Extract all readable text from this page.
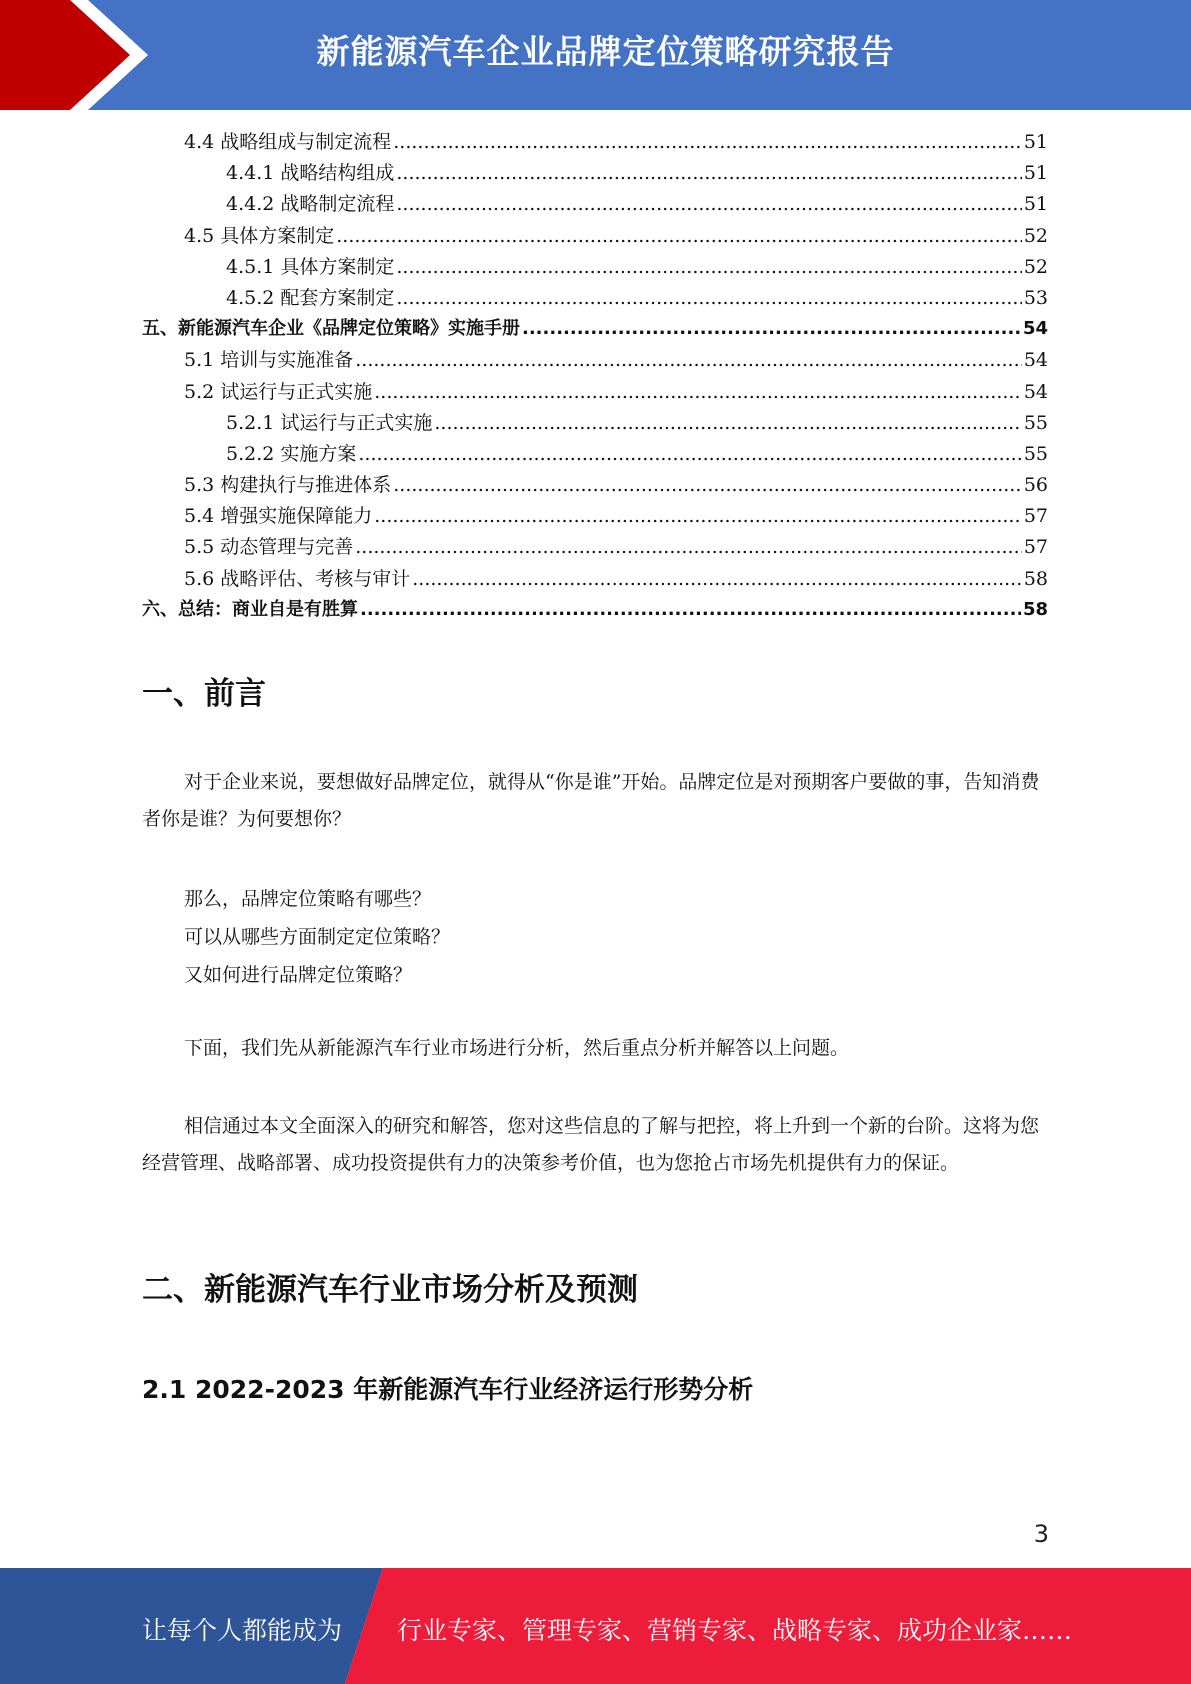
新能源汽车企业品牌定位策略研究报告
4.4 战略组成与制定流程 .....	51
4.4.1 战略结构组成 .....	51
4.4.2 战略制定流程 .....	51
4.5 具体方案制定 .....	52
4.5.1 具体方案制定 .....	52
4.5.2 配套方案制定 .....	53
五、新能源汽车企业《品牌定位策略》实施手册 .....	54
5.1 培训与实施准备 .....	54
5.2 试运行与正式实施 .....	54
5.2.1 试运行与正式实施 .....	55
5.2.2 实施方案 .....	55
5.3 构建执行与推进体系 .....	56
5.4 增强实施保障能力 .....	57
5.5 动态管理与完善 .....	57
5.6 战略评估、考核与审计 .....	58
六、总结：商业自是有胜算 .....	58
一、前言

对于企业来说，要想做好品牌定位，就得从“你是谁”开始。品牌定位是对预期客户要做的事，告知消费者你是谁？为何要想你？

那么，品牌定位策略有哪些？
可以从哪些方面制定定位策略？
又如何进行品牌定位策略？

下面，我们先从新能源汽车行业市场进行分析，然后重点分析并解答以上问题。

相信通过本文全面深入的研究和解答，您对这些信息的了解与把控，将上升到一个新的台阶。这将为您经营管理、战略部署、成功投资提供有力的决策参考价值，也为您抢占市场先机提供有力的保证。

二、新能源汽车行业市场分析及预测
2.1 2022-2023 年新能源汽车行业经济运行形势分析
3
让每个人都能成为 行业专家、管理专家、营销专家、战略专家、成功企业家……
